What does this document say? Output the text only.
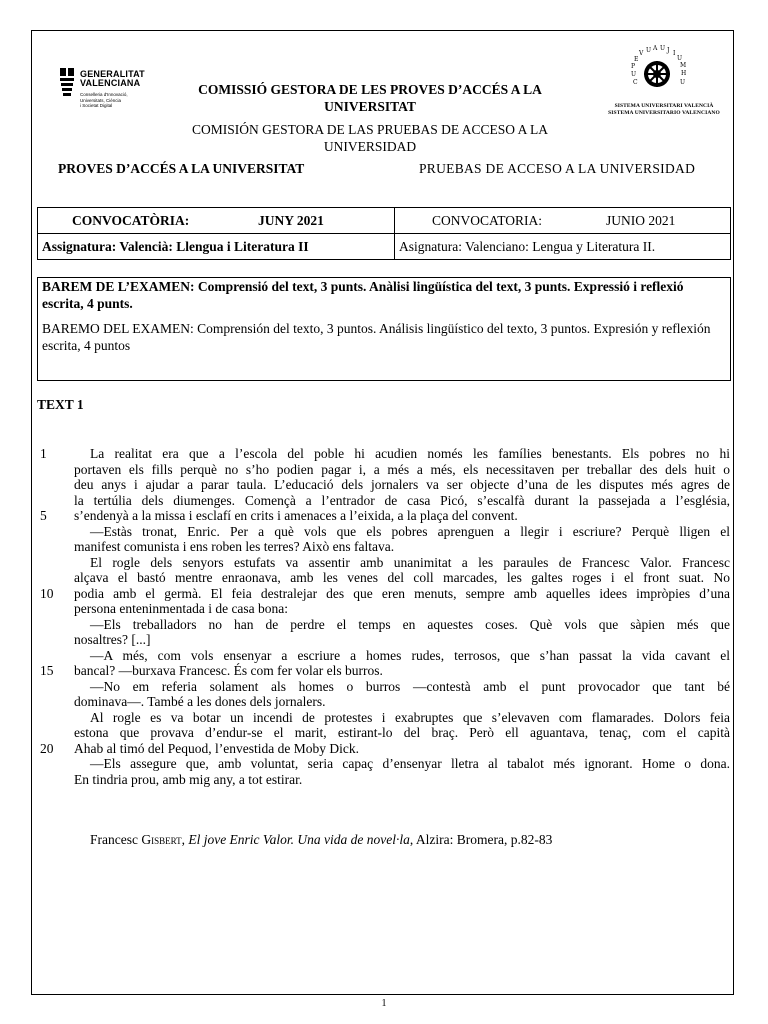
GENERALITAT
VALENCIANA
Conselleria d'Innovació,
Universitats, Ciència
i Societat Digital
COMISSIÓ GESTORA DE LES PROVES D’ACCÉS A LA UNIVERSITAT
COMISIÓN GESTORA DE LAS PRUEBAS DE ACCESO A LA UNIVERSIDAD
U A U J I
U
M
H
V
E
P
U
C	U
SISTEMA UNIVERSITARI VALENCIÀ
SISTEMA UNIVERSITARIO VALENCIANO
PROVES D’ACCÉS A LA UNIVERSITAT	PRUEBAS DE ACCESO A LA UNIVERSIDAD
CONVOCATÒRIA: JUNY 2021	CONVOCATORIA: JUNIO 2021
Assignatura: Valencià: Llengua i Literatura II	Asignatura: Valenciano: Lengua y Literatura II.

BAREM DE L’EXAMEN: Comprensió del text, 3 punts. Anàlisi lingüística del text, 3 punts. Expressió i reflexió escrita, 4 punts.

BAREMO DEL EXAMEN: Comprensión del texto, 3 puntos. Análisis lingüístico del texto, 3 puntos. Expresión y reflexión escrita, 4 puntos

TEXT 1
1	La realitat era que a l’escola del poble hi acudien només les famílies benestants. Els pobres no hi
portaven els fills perquè no s’ho podien pagar i, a més a més, els necessitaven per treballar des dels huit o
deu anys i ajudar a parar taula. L’educació dels jornalers va ser objecte d’una de les disputes més agres de
la tertúlia dels diumenges. Començà a l’entrador de casa Picó, s’escalfà durant la passejada a l’església,
5	s’endenyà a la missa i esclafí en crits i amenaces a l’eixida, a la plaça del convent.
—Estàs tronat, Enric. Per a què vols que els pobres aprenguen a llegir i escriure? Perquè lligen el
manifest comunista i ens roben les terres? Això ens faltava.
El rogle dels senyors estufats va assentir amb unanimitat a les paraules de Francesc Valor. Francesc
alçava el bastó mentre enraonava, amb les venes del coll marcades, les galtes roges i el front suat. No
10	podia amb el germà. El feia destralejar des que eren menuts, sempre amb aquelles idees impròpies d’una
persona enteninmentada i de casa bona:
—Els treballadors no han de perdre el temps en aquestes coses. Què vols que sàpien més que
nosaltres? [...]
—A més, com vols ensenyar a escriure a homes rudes, terrosos, que s’han passat la vida cavant el
15	bancal? —burxava Francesc. És com fer volar els burros.
—No em referia solament als homes o burros —contestà amb el punt provocador que tant bé
dominava—. També a les dones dels jornalers.
Al rogle es va botar un incendi de protestes i exabruptes que s’elevaven com flamarades. Dolors feia
estona que provava d’endur-se el marit, estirant-lo del braç. Però ell aguantava, tenaç, com el capità
20	Ahab al timó del Pequod, l’envestida de Moby Dick.
—Els assegure que, amb voluntat, seria capaç d’ensenyar lletra al tabalot més ignorant. Home o dona.
En tindria prou, amb mig any, a tot estirar.
Francesc Gisbert, El jove Enric Valor. Una vida de novel·la, Alzira: Bromera, p.82-83
1
